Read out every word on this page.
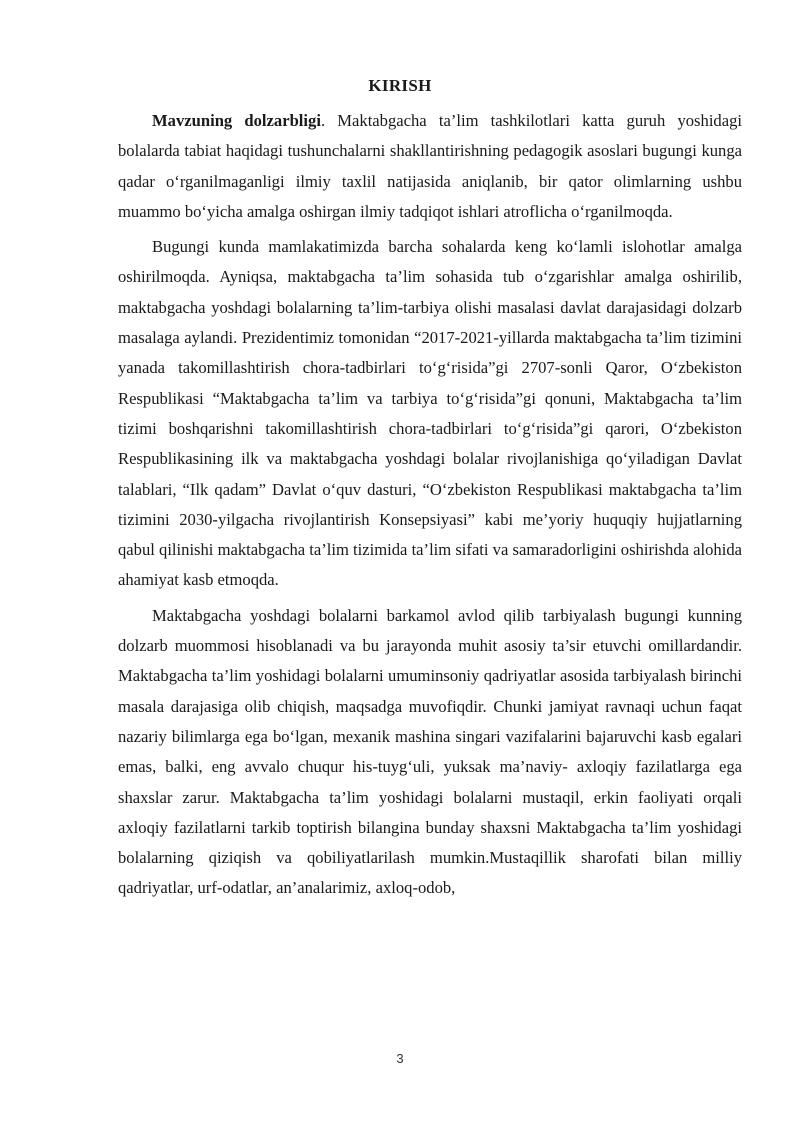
KIRISH

Mavzuning dolzarbligi. Maktabgacha ta’lim tashkilotlari katta guruh yoshidagi bolalarda tabiat haqidagi tushunchalarni shakllantirishning pedagogik asoslari bugungi kunga qadar o‘rganilmaganligi ilmiy taxlil natijasida aniqlanib, bir qator olimlarning ushbu muammo bo‘yicha amalga oshirgan ilmiy tadqiqot ishlari atroflicha o‘rganilmoqda.

Bugungi kunda mamlakatimizda barcha sohalarda keng ko‘lamli islohotlar amalga oshirilmoqda. Ayniqsa, maktabgacha ta’lim sohasida tub o‘zgarishlar amalga oshirilib, maktabgacha yoshdagi bolalarning ta’lim-tarbiya olishi masalasi davlat darajasidagi dolzarb masalaga aylandi. Prezidentimiz tomonidan “2017-2021-yillarda maktabgacha ta’lim tizimini yanada takomillashtirish chora-tadbirlari to‘g‘risida”gi 2707-sonli Qaror, O‘zbekiston Respublikasi “Maktabgacha ta’lim va tarbiya to‘g‘risida”gi qonuni, Maktabgacha ta’lim tizimi boshqarishni takomillashtirish chora-tadbirlari to‘g‘risida”gi qarori, O‘zbekiston Respublikasining ilk va maktabgacha yoshdagi bolalar rivojlanishiga qo‘yiladigan Davlat talablari, “Ilk qadam” Davlat o‘quv dasturi, “O‘zbekiston Respublikasi maktabgacha ta’lim tizimini 2030-yilgacha rivojlantirish Konsepsiyasi” kabi me’yoriy huquqiy hujjatlarning qabul qilinishi maktabgacha ta’lim tizimida ta’lim sifati va samaradorligini oshirishda alohida ahamiyat kasb etmoqda.

Maktabgacha yoshdagi bolalarni barkamol avlod qilib tarbiyalash bugungi kunning dolzarb muommosi hisoblanadi va bu jarayonda muhit asosiy ta’sir etuvchi omillardandir. Maktabgacha ta’lim yoshidagi bolalarni umuminsoniy qadriyatlar asosida tarbiyalash birinchi masala darajasiga olib chiqish, maqsadga muvofiqdir. Chunki jamiyat ravnaqi uchun faqat nazariy bilimlarga ega bo‘lgan, mexanik mashina singari vazifalarini bajaruvchi kasb egalari emas, balki, eng avvalo chuqur his-tuyg‘uli, yuksak ma’naviy- axloqiy fazilatlarga ega shaxslar zarur. Maktabgacha ta’lim yoshidagi bolalarni mustaqil, erkin faoliyati orqali axloqiy fazilatlarni tarkib toptirish bilangina bunday shaxsni Maktabgacha ta’lim yoshidagi bolalarning qiziqish va qobiliyatlarilash mumkin.Mustaqillik sharofati bilan milliy qadriyatlar, urf-odatlar, an’analarimiz, axloq-odob,

3
